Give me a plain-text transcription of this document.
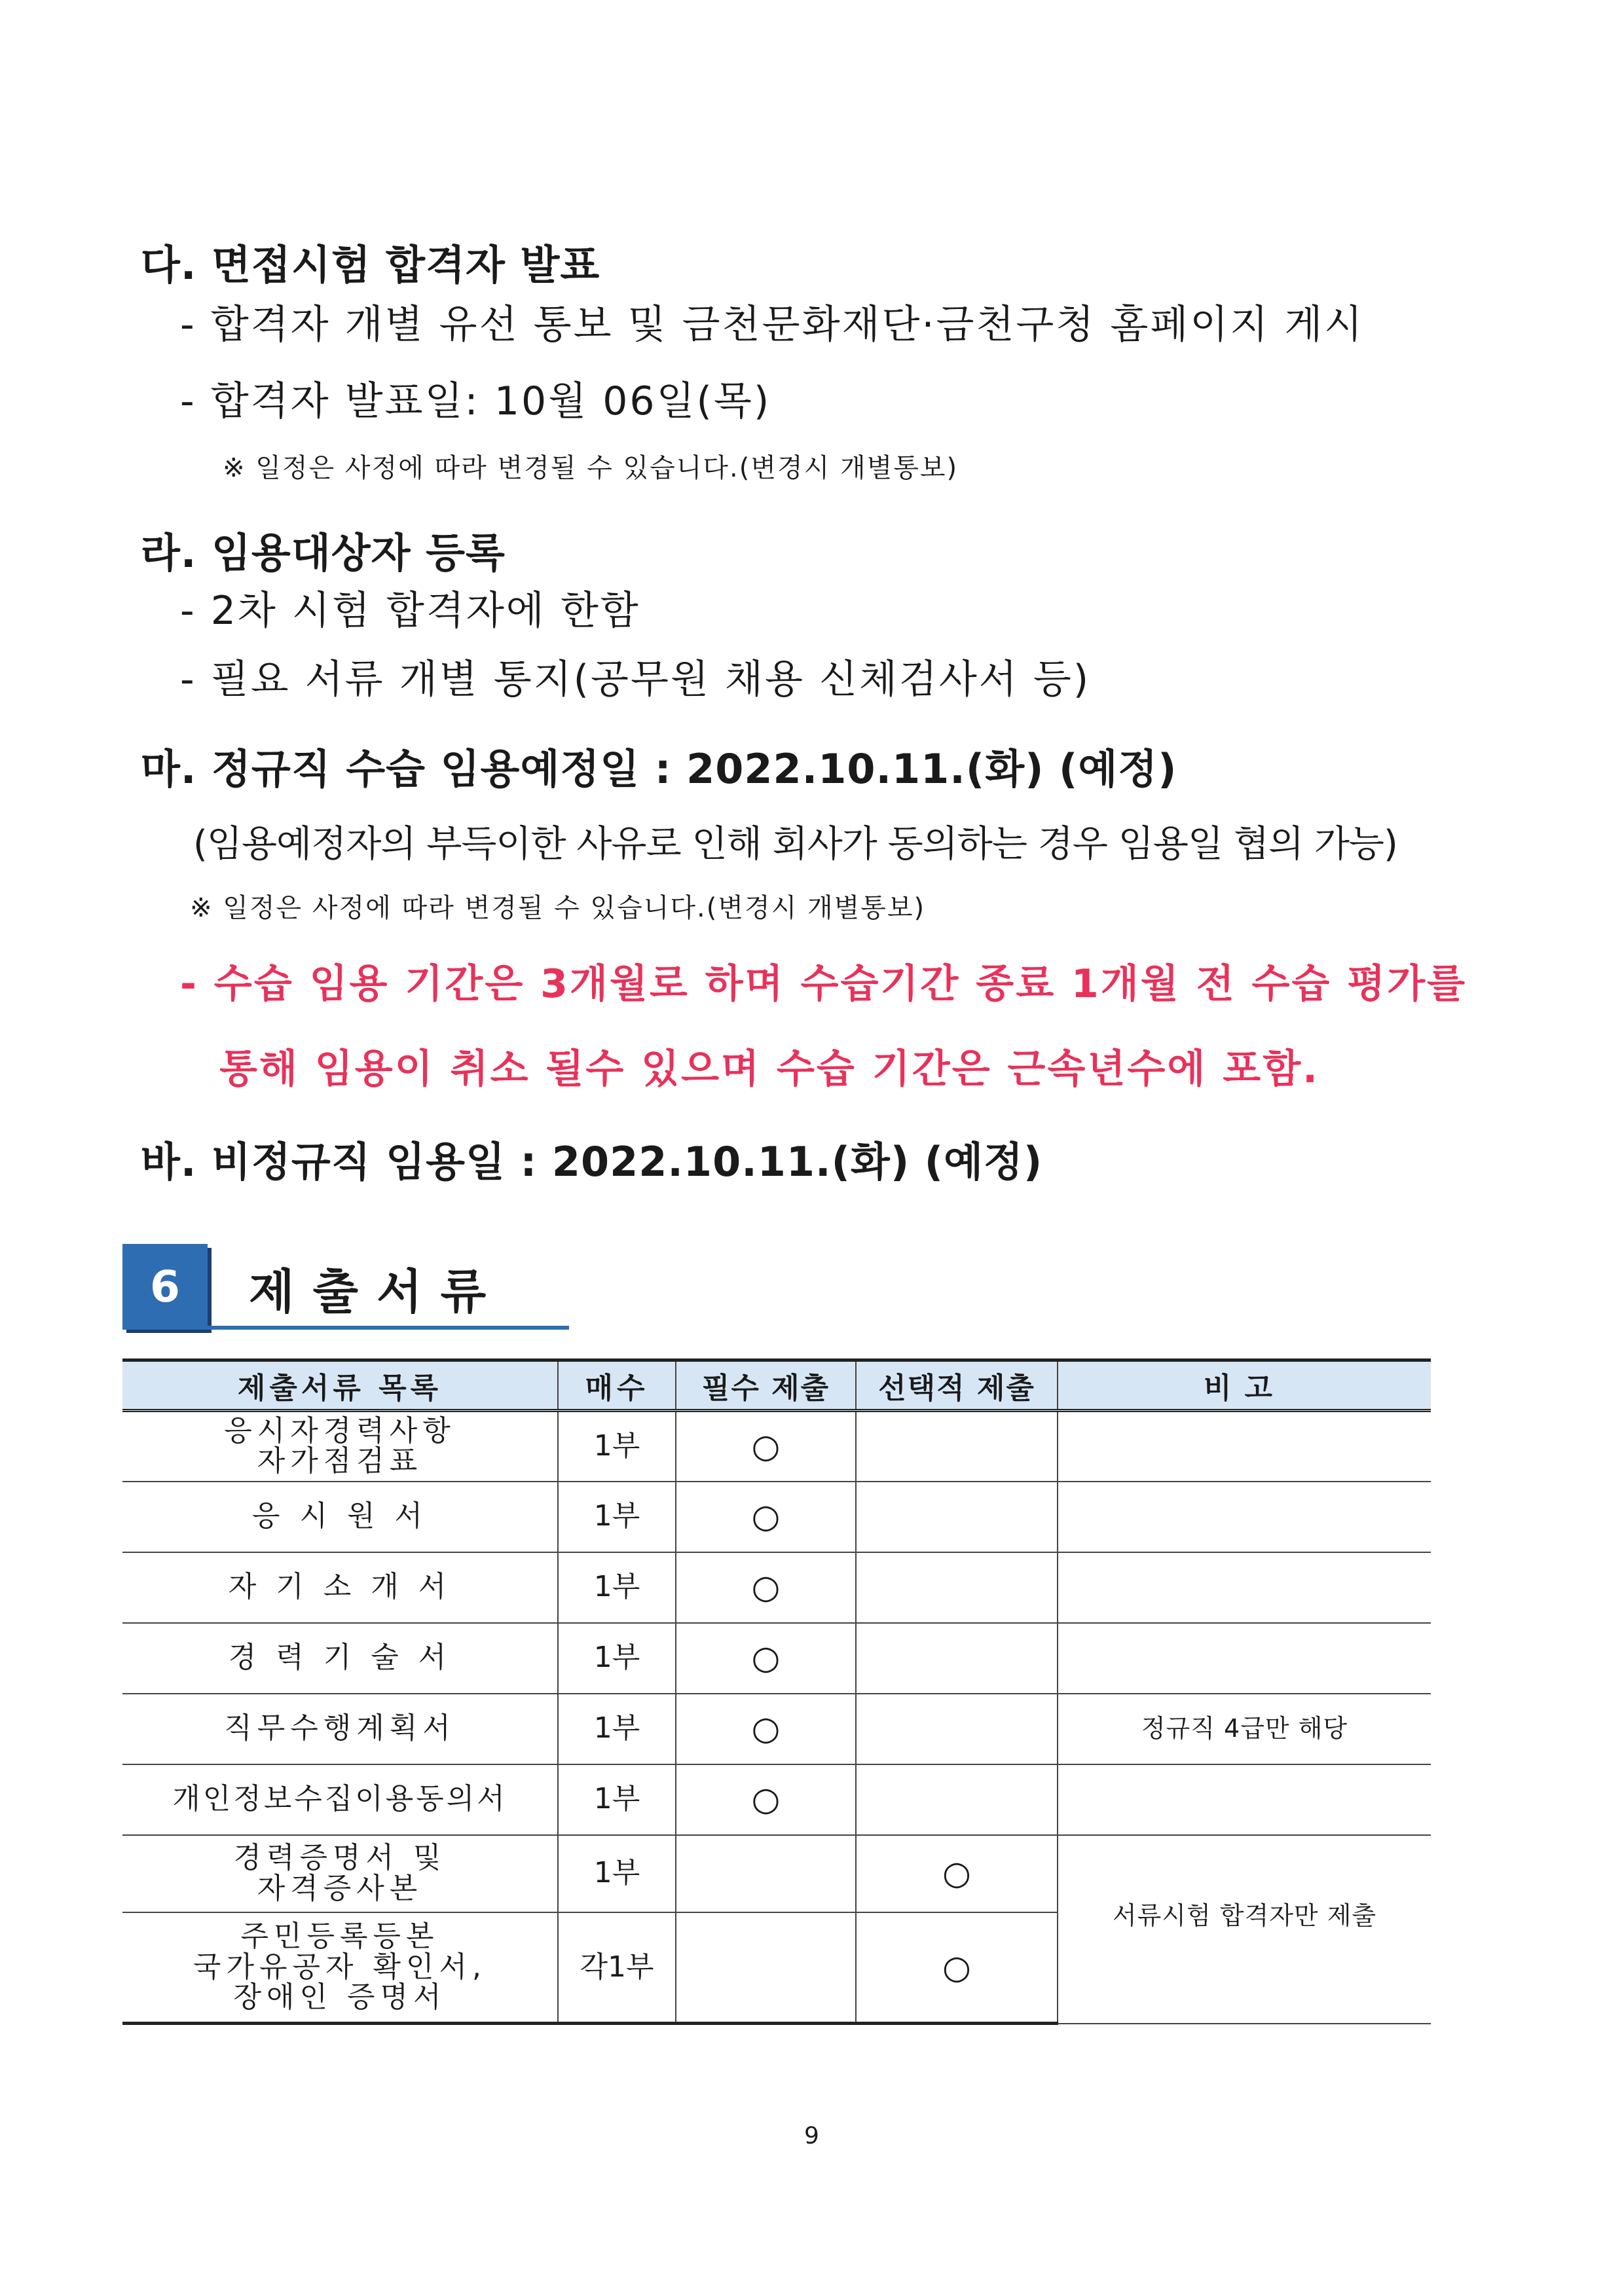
다. 면접시험 합격자 발표
- 합격자 개별 유선 통보 및 금천문화재단·금천구청 홈페이지 게시
- 합격자 발표일: 10월 06일(목)
※ 일정은 사정에 따라 변경될 수 있습니다.(변경시 개별통보)
라. 임용대상자 등록
- 2차 시험 합격자에 한함
- 필요 서류 개별 통지(공무원 채용 신체검사서 등)
마. 정규직 수습 임용예정일 : 2022.10.11.(화) (예정)
(임용예정자의 부득이한 사유로 인해 회사가 동의하는 경우 임용일 협의 가능)
※ 일정은 사정에 따라 변경될 수 있습니다.(변경시 개별통보)
- 수습 임용 기간은 3개월로 하며 수습기간 종료 1개월 전 수습 평가를
통해 임용이 취소 될수 있으며 수습 기간은 근속년수에 포함.
바. 비정규직 임용일 : 2022.10.11.(화) (예정)
6	제출서류
제출서류 목록	매수	필수 제출	선택적 제출	비고
응시자경력사항
자가점검표	1부	○		
응 시 원 서	1부	○		
자 기 소 개 서	1부	○		
경 력 기 술 서	1부	○		
직무수행계획서	1부	○		정규직 4급만 해당
개인정보수집이용동의서	1부	○		
경력증명서 및
자격증사본	1부		○	서류시험 합격자만 제출
주민등록등본
국가유공자 확인서,
장애인 증명서	각1부		○	
9
